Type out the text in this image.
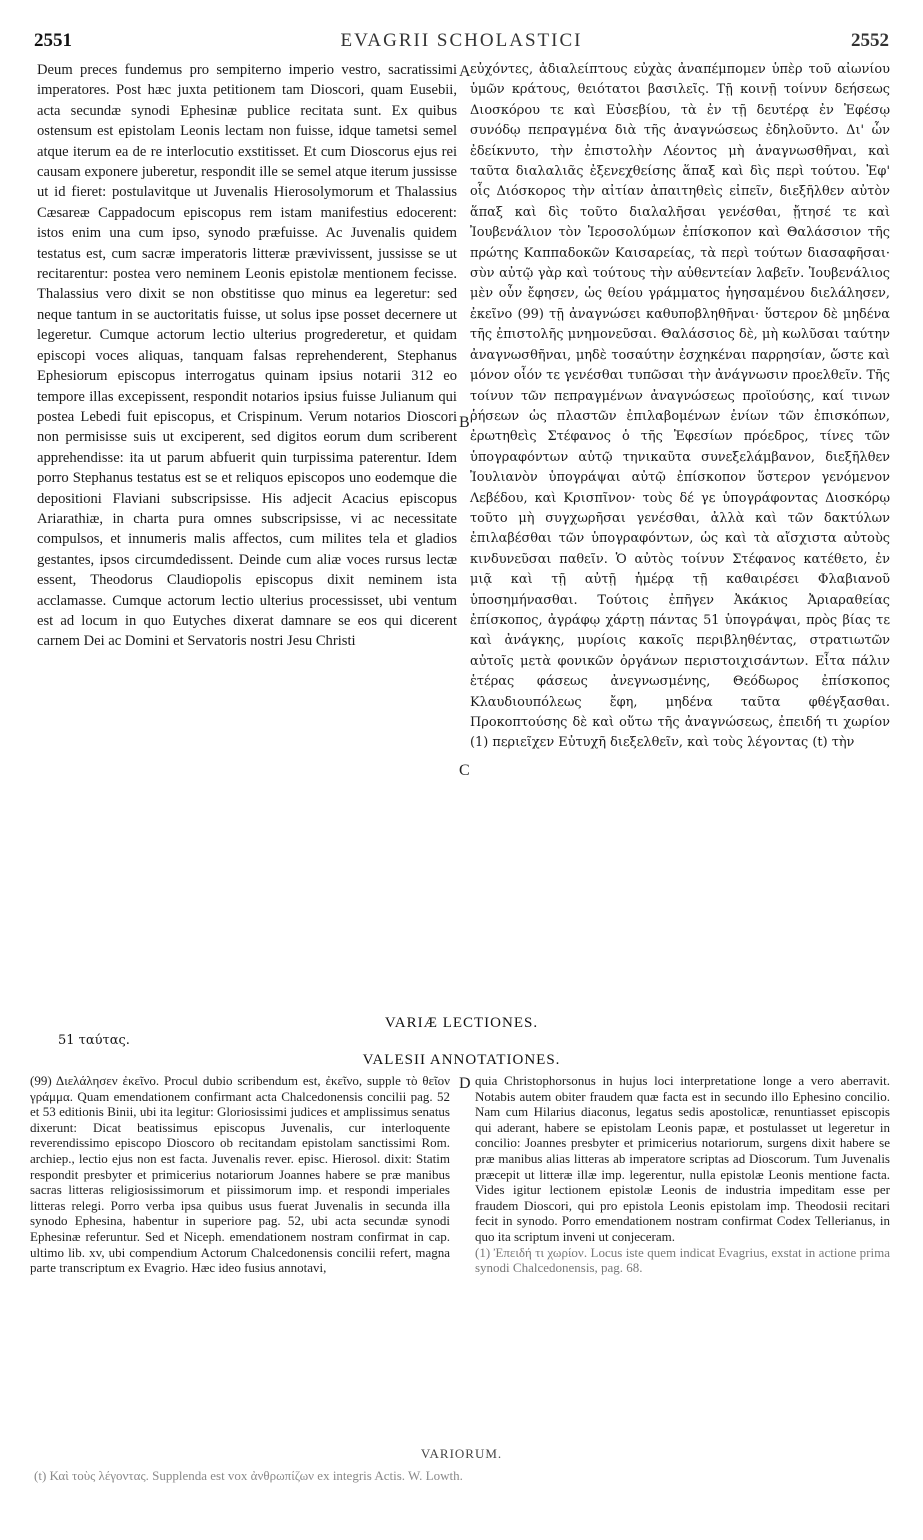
2551	EVAGRII SCHOLASTICI	2552

Deum preces fundemus pro sempiterno imperio vestro, sacratissimi imperatores. Post hæc juxta petitionem tam Dioscori, quam Eusebii, acta secundæ synodi Ephesinæ publice recitata sunt. Ex quibus ostensum est epistolam Leonis lectam non fuisse, idque tametsi semel atque iterum ea de re interlocutio exstitisset. Et cum Dioscorus ejus rei causam exponere juberetur, respondit ille se semel atque iterum jussisse ut id fieret: postulavitque ut Juvenalis Hierosolymorum et Thalassius Cæsareæ Cappadocum episcopus rem istam manifestius edocerent: istos enim una cum ipso, synodo præfuisse. Ac Juvenalis quidem testatus est, cum sacræ imperatoris litteræ prævivissent, jussisse se ut recitarentur: postea vero neminem Leonis epistolæ mentionem fecisse. Thalassius vero dixit se non obstitisse quo minus ea legeretur: sed neque tantum in se auctoritatis fuisse, ut solus ipse posset decernere ut legeretur. Cumque actorum lectio ulterius progrederetur, et quidam episcopi voces aliquas, tanquam falsas reprehenderent, Stephanus Ephesiorum episcopus interrogatus quinam ipsius notarii 312 eo tempore illas excepissent, respondit notarios ipsius fuisse Julianum qui postea Lebedi fuit episcopus, et Crispinum. Verum notarios Dioscori non permisisse suis ut exciperent, sed digitos eorum dum scriberent apprehendisse: ita ut parum abfuerit quin turpissima paterentur. Idem porro Stephanus testatus est se et reliquos episcopos uno eodemque die depositioni Flaviani subscripsisse. His adjecit Acacius episcopus Ariarathiæ, in charta pura omnes subscripsisse, vi ac necessitate compulsos, et innumeris malis affectos, cum milites tela et gladios gestantes, ipsos circumdedissent. Deinde cum aliæ voces rursus lectæ essent, Theodorus Claudiopolis episcopus dixit neminem ista acclamasse. Cumque actorum lectio ulterius processisset, ubi ventum est ad locum in quo Eutyches dixerat damnare se eos qui dicerent carnem Dei ac Domini et Servatoris nostri Jesu Christi

A
B
C
D

εὐχόντες, ἀδιαλείπτους εὐχὰς ἀναπέμπομεν ὑπὲρ τοῦ αἰωνίου ὑμῶν κράτους, θειότατοι βασιλεῖς. Τῇ κοινῇ τοίνυν δεήσεως Διοσκόρου τε καὶ Εὐσεβίου, τὰ ἐν τῇ δευτέρᾳ ἐν Ἐφέσῳ συνόδῳ πεπραγμένα διὰ τῆς ἀναγνώσεως ἐδηλοῦντο. Δι' ὧν ἐδείκνυτο, τὴν ἐπιστολὴν Λέοντος μὴ ἀναγνωσθῆναι, καὶ ταῦτα διαλαλιᾶς ἐξενεχθείσης ἅπαξ καὶ δὶς περὶ τούτου. Ἐφ' οἷς Διόσκορος τὴν αἰτίαν ἀπαιτηθεὶς εἰπεῖν, διεξῆλθεν αὐτὸν ἅπαξ καὶ δὶς τοῦτο διαλαλῆσαι γενέσθαι, ᾔτησέ τε καὶ Ἰουβενάλιον τὸν Ἱεροσολύμων ἐπίσκοπον καὶ Θαλάσσιον τῆς πρώτης Καππαδοκῶν Καισαρείας, τὰ περὶ τούτων διασαφῆσαι· σὺν αὐτῷ γὰρ καὶ τούτους τὴν αὐθεντείαν λαβεῖν. Ἰουβενάλιος μὲν οὖν ἔφησεν, ὡς θείου γράμματος ἡγησαμένου διελάλησεν, ἐκεῖνο (99) τῇ ἀναγνώσει καθυποβληθῆναι· ὕστερον δὲ μηδένα τῆς ἐπιστολῆς μνημονεῦσαι. Θαλάσσιος δὲ, μὴ κωλῦσαι ταύτην ἀναγνωσθῆναι, μηδὲ τοσαύτην ἐσχηκέναι παρρησίαν, ὥστε καὶ μόνον οἷόν τε γενέσθαι τυπῶσαι τὴν ἀνάγνωσιν προελθεῖν. Τῆς τοίνυν τῶν πεπραγμένων ἀναγνώσεως προϊούσης, καί τινων ῥήσεων ὡς πλαστῶν ἐπιλαβομένων ἐνίων τῶν ἐπισκόπων, ἐρωτηθεὶς Στέφανος ὁ τῆς Ἐφεσίων πρόεδρος, τίνες τῶν ὑπογραφόντων αὐτῷ τηνικαῦτα συνεξελάμβανον, διεξῆλθεν Ἰουλιανὸν ὑπογράψαι αὐτῷ ἐπίσκοπον ὕστερον γενόμενον Λεβέδου, καὶ Κρισπῖνον· τοὺς δέ γε ὑπογράφοντας Διοσκόρῳ τοῦτο μὴ συγχωρῆσαι γενέσθαι, ἀλλὰ καὶ τῶν δακτύλων ἐπιλαβέσθαι τῶν ὑπογραφόντων, ὡς καὶ τὰ αἴσχιστα αὐτοὺς κινδυνεῦσαι παθεῖν. Ὁ αὐτὸς τοίνυν Στέφανος κατέθετο, ἐν μιᾷ καὶ τῇ αὐτῇ ἡμέρᾳ τῇ καθαιρέσει Φλαβιανοῦ ὑποσημήνασθαι. Τούτοις ἐπῆγεν Ἀκάκιος Ἀριαραθείας ἐπίσκοπος, ἀγράφῳ χάρτῃ πάντας 51 ὑπογράψαι, πρὸς βίας τε καὶ ἀνάγκης, μυρίοις κακοῖς περιβληθέντας, στρατιωτῶν αὐτοῖς μετὰ φονικῶν ὀργάνων περιστοιχισάντων. Εἶτα πάλιν ἑτέρας φάσεως ἀνεγνωσμένης, Θεόδωρος ἐπίσκοπος Κλαυδιουπόλεως ἔφη, μηδένα ταῦτα φθέγξασθαι. Προκοπτούσης δὲ καὶ οὕτω τῆς ἀναγνώσεως, ἐπειδή τι χωρίον (1) περιεῖχεν Εὐτυχῆ διεξελθεῖν, καὶ τοὺς λέγοντας (t) τὴν

VARIÆ LECTIONES.
51 ταύτας.
VALESII ANNOTATIONES.

(99) Διελάλησεν ἐκεῖνο. Procul dubio scribendum est, ἐκεῖνο, supple τὸ θεῖον γράμμα. Quam emendationem confirmant acta Chalcedonensis concilii pag. 52 et 53 editionis Binii, ubi ita legitur: Gloriosissimi judices et amplissimus senatus dixerunt: Dicat beatissimus episcopus Juvenalis, cur interloquente reverendissimo episcopo Dioscoro ob recitandam epistolam sanctissimi Rom. archiep., lectio ejus non est facta. Juvenalis rever. episc. Hierosol. dixit: Statim respondit presbyter et primicerius notariorum Joannes habere se præ manibus sacras litteras religiosissimorum et piissimorum imp. et respondi imperiales litteras relegi. Porro verba ipsa quibus usus fuerat Juvenalis in secunda illa synodo Ephesina, habentur in superiore pag. 52, ubi acta secundæ synodi Ephesinæ referuntur. Sed et Niceph. emendationem nostram confirmat in cap. ultimo lib. xv, ubi compendium Actorum Chalcedonensis concilii refert, magna parte transcriptum ex Evagrio. Hæc ideo fusius annotavi,

quia Christophorsonus in hujus loci interpretatione longe a vero aberravit. Notabis autem obiter fraudem quæ facta est in secundo illo Ephesino concilio. Nam cum Hilarius diaconus, legatus sedis apostolicæ, renuntiasset episcopis qui aderant, habere se epistolam Leonis papæ, et postulasset ut legeretur in concilio: Joannes presbyter et primicerius notariorum, surgens dixit habere se præ manibus alias litteras ab imperatore scriptas ad Dioscorum. Tum Juvenalis præcepit ut litteræ illæ imp. legerentur, nulla epistolæ Leonis mentione facta. Vides igitur lectionem epistolæ Leonis de industria impeditam esse per fraudem Dioscori, qui pro epistola Leonis epistolam imp. Theodosii recitari fecit in synodo. Porro emendationem nostram confirmat Codex Tellerianus, in quo ita scriptum inveni ut conjeceram.

(1) Ἐπειδή τι χωρίον. Locus iste quem indicat Evagrius, exstat in actione prima synodi Chalcedonensis, pag. 68.

VARIORUM.
(t) Καὶ τοὺς λέγοντας. Supplenda est vox ἀνθρωπίζων ex integris Actis. W. Lowth.
